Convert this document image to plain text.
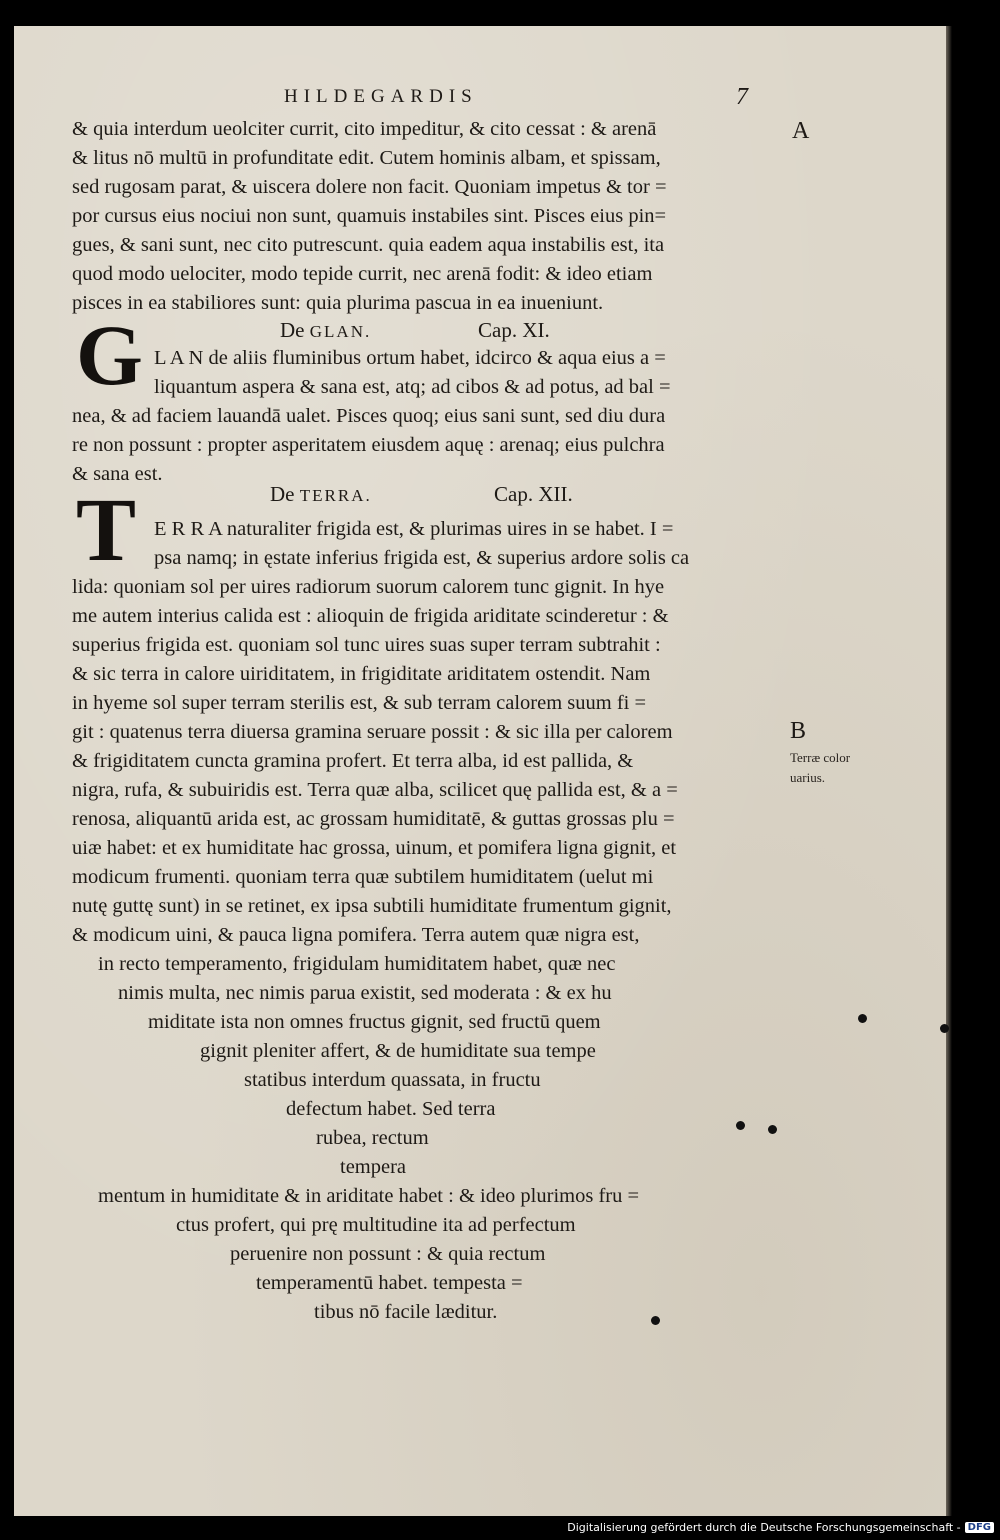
HILDEGARDIS	7
A
B
Terræ color
uarius.
& quia interdum ueolciter currit, cito impeditur, & cito cessat : & arenā
& litus nō multū in profunditate edit. Cutem hominis albam, et spissam,
sed rugosam parat, & uiscera dolere non facit. Quoniam impetus & tor =
por cursus eius nociui non sunt, quamuis instabiles sint. Pisces eius pin=
gues, & sani sunt, nec cito putrescunt. quia eadem aqua instabilis est, ita
quod modo uelociter, modo tepide currit, nec arenā fodit: & ideo etiam
pisces in ea stabiliores sunt: quia plurima pascua in ea inueniunt.
G	De GLAN.	Cap. XI.
L A N de aliis fluminibus ortum habet, idcirco & aqua eius a =
liquantum aspera & sana est, atq; ad cibos & ad potus, ad bal =
nea, & ad faciem lauandā ualet. Pisces quoq; eius sani sunt, sed diu dura
re non possunt : propter asperitatem eiusdem aquę : arenaq; eius pulchra
& sana est.
T	De TERRA.	Cap. XII.
E R R A naturaliter frigida est, & plurimas uires in se habet. I =
psa namq; in ęstate inferius frigida est, & superius ardore solis ca
lida: quoniam sol per uires radiorum suorum calorem tunc gignit. In hye
me autem interius calida est : alioquin de frigida ariditate scinderetur : &
superius frigida est. quoniam sol tunc uires suas super terram subtrahit :
& sic terra in calore uiriditatem, in frigiditate ariditatem ostendit. Nam
in hyeme sol super terram sterilis est, & sub terram calorem suum fi =
git : quatenus terra diuersa gramina seruare possit : & sic illa per calorem
& frigiditatem cuncta gramina profert. Et terra alba, id est pallida, &
nigra, rufa, & subuiridis est. Terra quæ alba, scilicet quę pallida est, & a =
renosa, aliquantū arida est, ac grossam humiditatē, & guttas grossas plu =
uiæ habet: et ex humiditate hac grossa, uinum, et pomifera ligna gignit, et
modicum frumenti. quoniam terra quæ subtilem humiditatem (uelut mi
nutę guttę sunt) in se retinet, ex ipsa subtili humiditate frumentum gignit,
& modicum uini, & pauca ligna pomifera. Terra autem quæ nigra est,
in recto temperamento, frigidulam humiditatem habet, quæ nec
nimis multa, nec nimis parua existit, sed moderata : & ex hu
miditate ista non omnes fructus gignit, sed fructū quem
gignit pleniter affert, & de humiditate sua tempe
statibus interdum quassata, in fructu
defectum habet. Sed terra
rubea, rectum
tempera
mentum in humiditate & in ariditate habet : & ideo plurimos fru =
ctus profert, qui prę multitudine ita ad perfectum
peruenire non possunt : & quia rectum
temperamentū habet. tempesta =
tibus nō facile læditur.
Digitalisierung gefördert durch die Deutsche Forschungsgemeinschaft - DFG
